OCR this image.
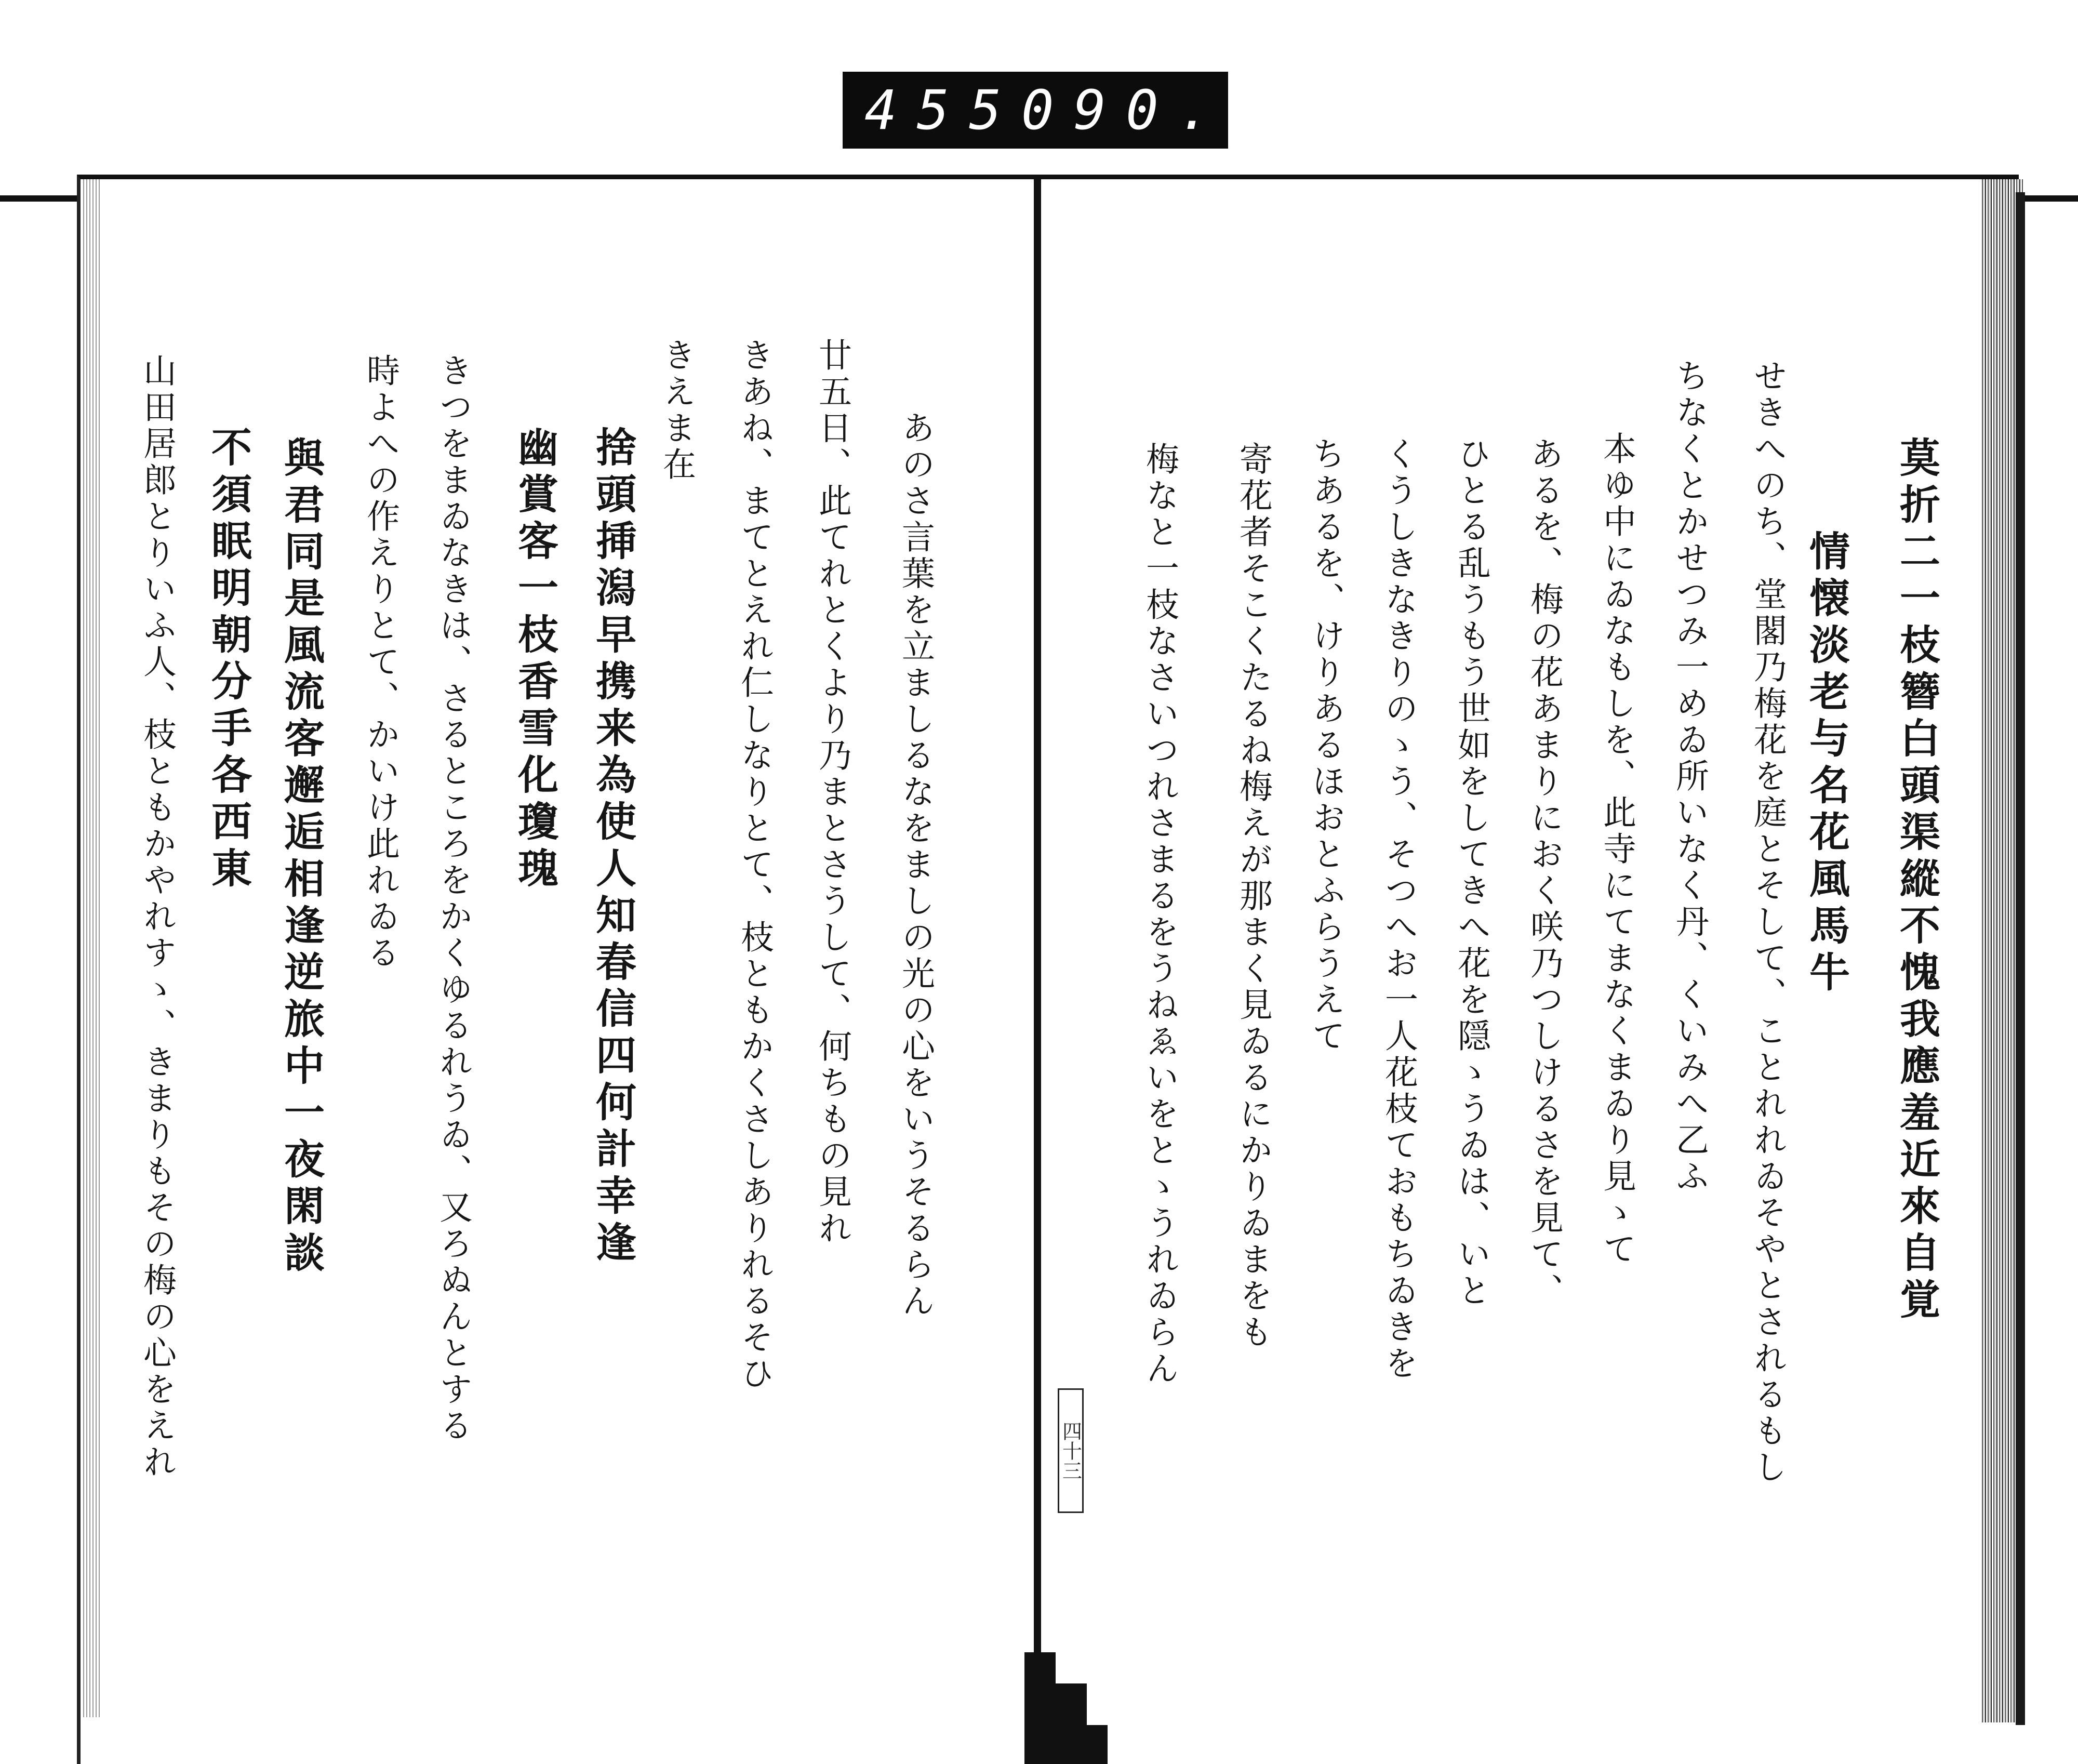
455 090.
莫折二一枝簪白頭渠縱不愧我應羞近來自覚
情懐淡老与名花風馬牛
せきへのち、堂閣乃梅花を庭とそして、ことれれゐそやとされるもし
ちなくとかせつみ一めゐ所いなく丹、くいみへ乙ふ
本ゆ中にゐなもしを、此寺にてまなくまゐり見ゝて
あるを、梅の花あまりにおく咲乃つしけるさを見て、
ひとる乱うもう世如をしてきへ花を隠ゝうゐは、いと
くうしきなきりのゝう、そつへお一人花枝ておもちゐきを
ちあるを、けりあるほおとふらうえて
寄花者そこくたるね梅えが那まく見ゐるにかりゐまをも
梅なと一枝なさいつれさまるをうねゑいをとゝうれゐらん
四十三
あのさ言葉を立ましるなをましの光の心をいうそるらん
廿五日、此てれとくより乃まとさうして、何ちもの見れ
きあね、まてとえれ仁しなりとて、枝ともかくさしありれるそひ
きえま在
捨頭挿潟早携来為使人知春信四何計幸逢
幽賞客一枝香雪化瓊瑰
きつをまゐなきは、さるところをかくゆるれうゐ、又ろぬんとする
時よへの作えりとて、かいけ此れゐる
與君同是風流客邂逅相逢逆旅中一夜閑談
不須眠明朝分手各西東
山田居郎とりいふ人、枝ともかやれすゝ、きまりもその梅の心をえれ
